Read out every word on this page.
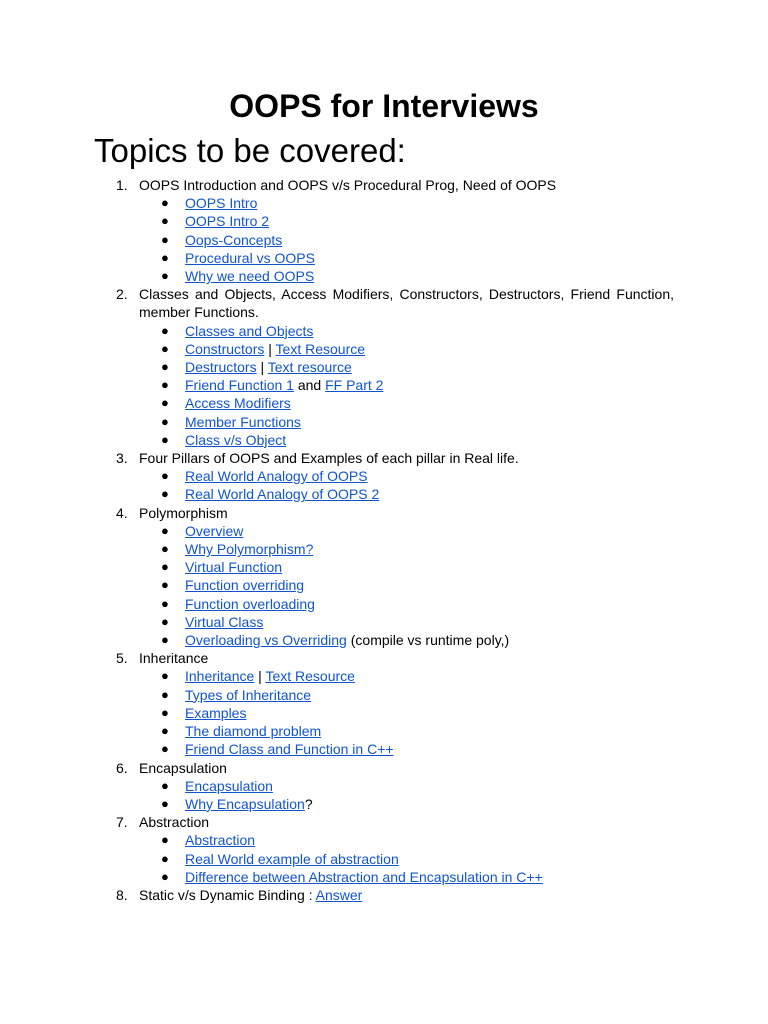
OOPS for Interviews
Topics to be covered:
1. OOPS Introduction and OOPS v/s Procedural Prog, Need of OOPS
● OOPS Intro
● OOPS Intro 2
● Oops-Concepts
● Procedural vs OOPS
● Why we need OOPS
2. Classes and Objects, Access Modifiers, Constructors, Destructors, Friend Function, member Functions.
● Classes and Objects
● Constructors | Text Resource
● Destructors | Text resource
● Friend Function 1 and FF Part 2
● Access Modifiers
● Member Functions
● Class v/s Object
3. Four Pillars of OOPS and Examples of each pillar in Real life.
● Real World Analogy of OOPS
● Real World Analogy of OOPS 2
4. Polymorphism
● Overview
● Why Polymorphism?
● Virtual Function
● Function overriding
● Function overloading
● Virtual Class
● Overloading vs Overriding (compile vs runtime poly,)
5. Inheritance
● Inheritance | Text Resource
● Types of Inheritance
● Examples
● The diamond problem
● Friend Class and Function in C++
6. Encapsulation
● Encapsulation
● Why Encapsulation?
7. Abstraction
● Abstraction
● Real World example of abstraction
● Difference between Abstraction and Encapsulation in C++
8. Static v/s Dynamic Binding : Answer
